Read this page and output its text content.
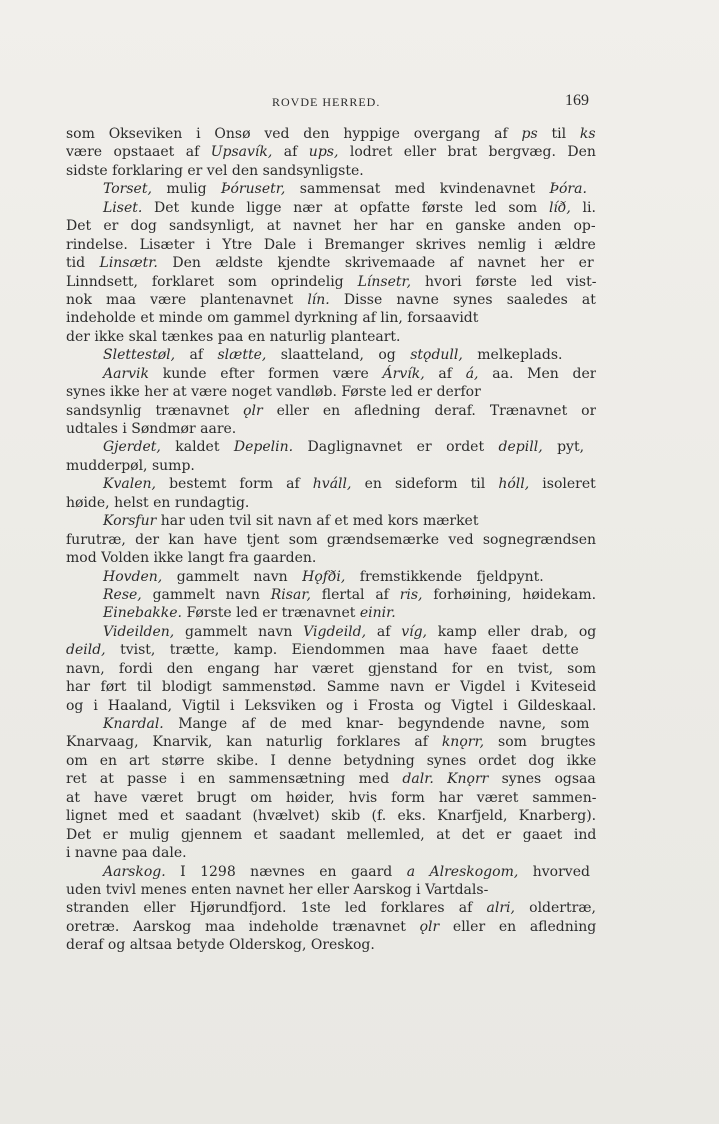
ROVDE HERRED.	169
som Okseviken i Onsø ved den hyppige overgang af ps til ks
være opstaaet af Upsavík, af ups, lodret eller brat bergvæg. Den
sidste forklaring er vel den sandsynligste.
Torset, mulig Þórusetr, sammensat med kvindenavnet Þóra.
Liset. Det kunde ligge nær at opfatte første led som líð, li.
Det er dog sandsynligt, at navnet her har en ganske anden op-
rindelse. Lisæter i Ytre Dale i Bremanger skrives nemlig i ældre
tid Linsætr. Den ældste kjendte skrivemaade af navnet her er
Linndsett, forklaret som oprindelig Línsetr, hvori første led vist-
nok maa være plantenavnet lín. Disse navne synes saaledes at
indeholde et minde om gammel dyrkning af lin, forsaavidt
der ikke skal tænkes paa en naturlig planteart.
Slettestøl, af slætte, slaatteland, og stǫdull, melkeplads.
Aarvik kunde efter formen være Árvík, af á, aa. Men der
synes ikke her at være noget vandløb. Første led er derfor
sandsynlig trænavnet ǫlr eller en afledning deraf. Trænavnet or
udtales i Søndmør aare.
Gjerdet, kaldet Depelin. Daglignavnet er ordet depill, pyt,
mudderpøl, sump.
Kvalen, bestemt form af hváll, en sideform til hóll, isoleret
høide, helst en rundagtig.
Korsfur har uden tvil sit navn af et med kors mærket
furutræ, der kan have tjent som grændsemærke ved sognegrændsen
mod Volden ikke langt fra gaarden.
Hovden, gammelt navn Hǫfði, fremstikkende fjeldpynt.
Rese, gammelt navn Risar, flertal af ris, forhøining, høidekam.
Einebakke. Første led er trænavnet einir.
Videilden, gammelt navn Vigdeild, af víg, kamp eller drab, og
deild, tvist, trætte, kamp. Eiendommen maa have faaet dette
navn, fordi den engang har været gjenstand for en tvist, som
har ført til blodigt sammenstød. Samme navn er Vigdel i Kviteseid
og i Haaland, Vigtil i Leksviken og i Frosta og Vigtel i Gildeskaal.
Knardal. Mange af de med knar- begyndende navne, som
Knarvaag, Knarvik, kan naturlig forklares af knǫrr, som brugtes
om en art større skibe. I denne betydning synes ordet dog ikke
ret at passe i en sammensætning med dalr. Knǫrr synes ogsaa
at have været brugt om høider, hvis form har været sammen-
lignet med et saadant (hvælvet) skib (f. eks. Knarfjeld, Knarberg).
Det er mulig gjennem et saadant mellemled, at det er gaaet ind
i navne paa dale.
Aarskog. I 1298 nævnes en gaard a Alreskogom, hvorved
uden tvivl menes enten navnet her eller Aarskog i Vartdals-
stranden eller Hjørundfjord. 1ste led forklares af alri, oldertræ,
oretræ. Aarskog maa indeholde trænavnet ǫlr eller en afledning
deraf og altsaa betyde Olderskog, Oreskog.
